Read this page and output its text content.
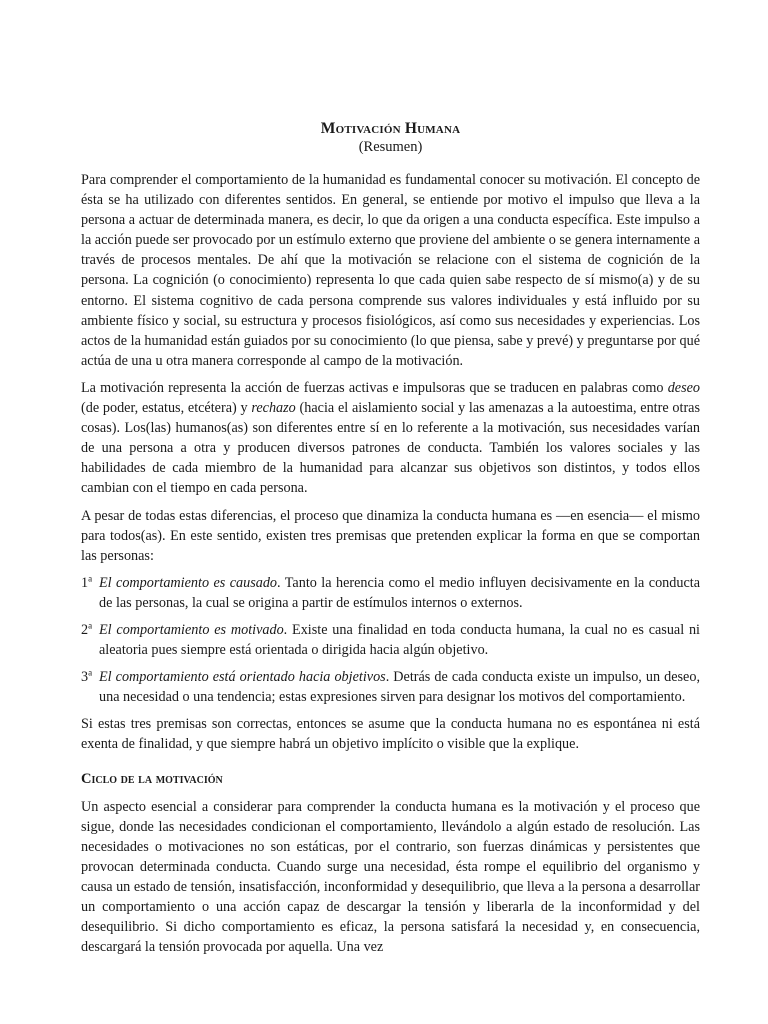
Motivación Humana
(Resumen)

Para comprender el comportamiento de la humanidad es fundamental conocer su motivación. El concepto de ésta se ha utilizado con diferentes sentidos. En general, se entiende por motivo el impulso que lleva a la persona a actuar de determinada manera, es decir, lo que da origen a una conducta específica. Este impulso a la acción puede ser provocado por un estímulo externo que proviene del ambiente o se genera internamente a través de procesos mentales. De ahí que la motivación se relacione con el sistema de cognición de la persona. La cognición (o conocimiento) representa lo que cada quien sabe respecto de sí mismo(a) y de su entorno. El sistema cognitivo de cada persona comprende sus valores individuales y está influido por su ambiente físico y social, su estructura y procesos fisiológicos, así como sus necesidades y experiencias. Los actos de la humanidad están guiados por su conocimiento (lo que piensa, sabe y prevé) y preguntarse por qué actúa de una u otra manera corresponde al campo de la motivación.

La motivación representa la acción de fuerzas activas e impulsoras que se traducen en palabras como deseo (de poder, estatus, etcétera) y rechazo (hacia el aislamiento social y las amenazas a la autoestima, entre otras cosas). Los(las) humanos(as) son diferentes entre sí en lo referente a la motivación, sus necesidades varían de una persona a otra y producen diversos patrones de conducta. También los valores sociales y las habilidades de cada miembro de la humanidad para alcanzar sus objetivos son distintos, y todos ellos cambian con el tiempo en cada persona.

A pesar de todas estas diferencias, el proceso que dinamiza la conducta humana es —en esencia— el mismo para todos(as). En este sentido, existen tres premisas que pretenden explicar la forma en que se comportan las personas:

1$^a$ El comportamiento es causado. Tanto la herencia como el medio influyen decisivamente en la conducta de las personas, la cual se origina a partir de estímulos internos o externos.
2$^a$ El comportamiento es motivado. Existe una finalidad en toda conducta humana, la cual no es casual ni aleatoria pues siempre está orientada o dirigida hacia algún objetivo.
3$^a$ El comportamiento está orientado hacia objetivos. Detrás de cada conducta existe un impulso, un deseo, una necesidad o una tendencia; estas expresiones sirven para designar los motivos del comportamiento.

Si estas tres premisas son correctas, entonces se asume que la conducta humana no es espontánea ni está exenta de finalidad, y que siempre habrá un objetivo implícito o visible que la explique.

Ciclo de la motivación

Un aspecto esencial a considerar para comprender la conducta humana es la motivación y el proceso que sigue, donde las necesidades condicionan el comportamiento, llevándolo a algún estado de resolución. Las necesidades o motivaciones no son estáticas, por el contrario, son fuerzas dinámicas y persistentes que provocan determinada conducta. Cuando surge una necesidad, ésta rompe el equilibrio del organismo y causa un estado de tensión, insatisfacción, inconformidad y desequilibrio, que lleva a la persona a desarrollar un comportamiento o una acción capaz de descargar la tensión y liberarla de la inconformidad y del desequilibrio. Si dicho comportamiento es eficaz, la persona satisfará la necesidad y, en consecuencia, descargará la tensión provocada por aquella. Una vez
